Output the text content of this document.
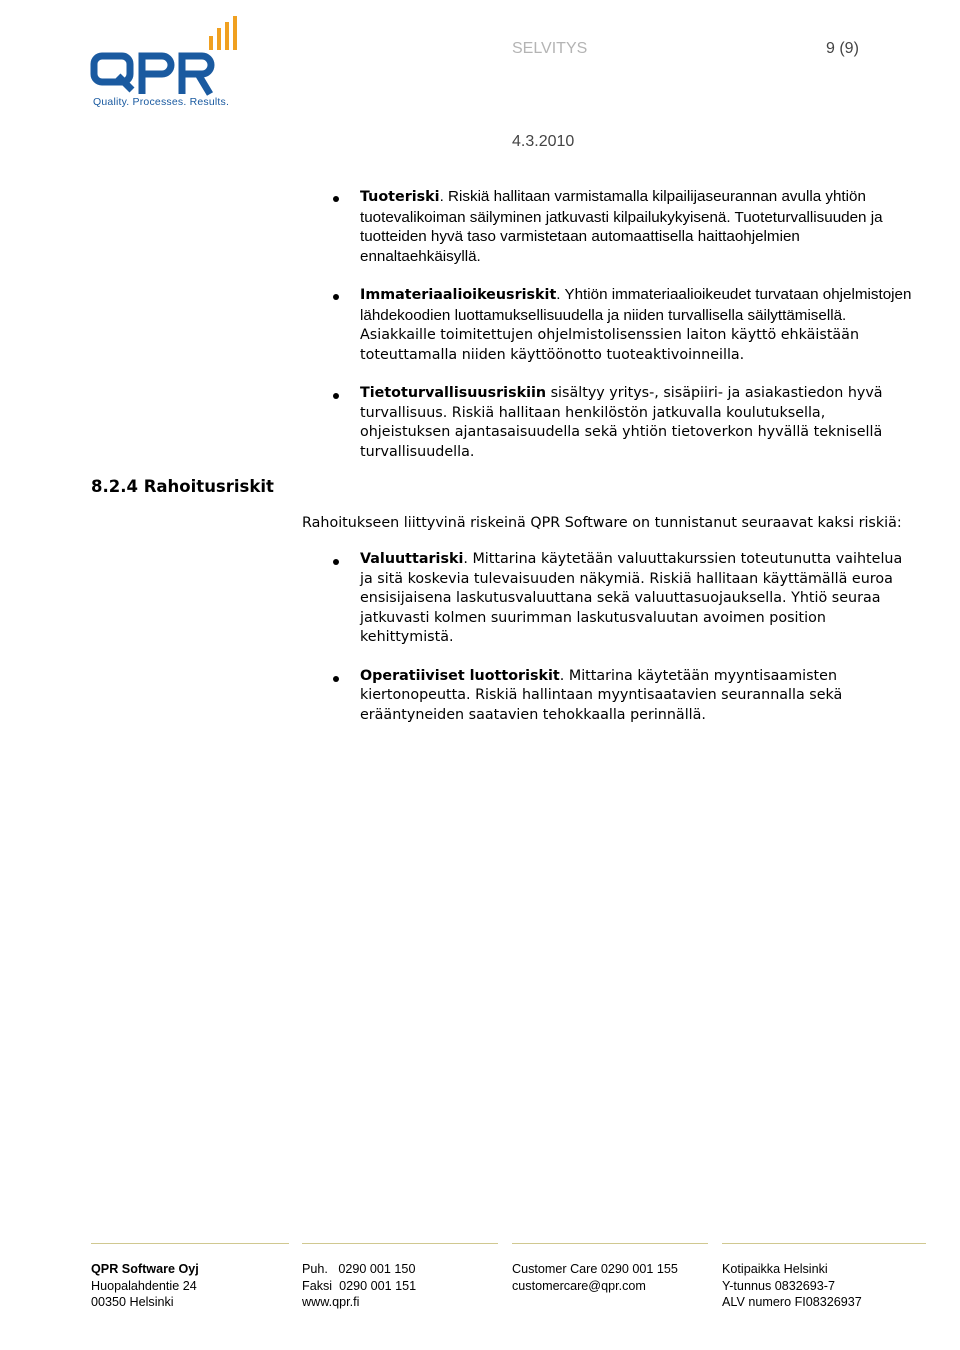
Quality. Processes. Results.
SELVITYS	9 (9)
4.3.2010
Tuoteriski. Riskiä hallitaan varmistamalla kilpailijaseurannan avulla yhtiön tuotevalikoiman säilyminen jatkuvasti kilpailukykyisenä. Tuoteturvallisuuden ja tuotteiden hyvä taso varmistetaan automaattisella haittaohjelmien ennaltaehkäisyllä.
Immateriaalioikeusriskit. Yhtiön immateriaalioikeudet turvataan ohjelmistojen lähdekoodien luottamuksellisuudella ja niiden turvallisella säilyttämisellä. Asiakkaille toimitettujen ohjelmistolisenssien laiton käyttö ehkäistään toteuttamalla niiden käyttöönotto tuoteaktivoinneilla.
Tietoturvallisuusriskiin sisältyy yritys-, sisäpiiri- ja asiakastiedon hyvä turvallisuus. Riskiä hallitaan henkilöstön jatkuvalla koulutuksella, ohjeistuksen ajantasaisuudella sekä yhtiön tietoverkon hyvällä teknisellä turvallisuudella.
8.2.4 Rahoitusriskit
Rahoitukseen liittyvinä riskeinä QPR Software on tunnistanut seuraavat kaksi riskiä:
Valuuttariski. Mittarina käytetään valuuttakurssien toteutunutta vaihtelua ja sitä koskevia tulevaisuuden näkymiä. Riskiä hallitaan käyttämällä euroa ensisijaisena laskutusvaluuttana sekä valuuttasuojauksella. Yhtiö seuraa jatkuvasti kolmen suurimman laskutusvaluutan avoimen position kehittymistä.
Operatiiviset luottoriskit. Mittarina käytetään myyntisaamisten kiertonopeutta. Riskiä hallintaan myyntisaatavien seurannalla sekä erääntyneiden saatavien tehokkaalla perinnällä.
QPR Software Oyj
Huopalahdentie 24
00350 Helsinki
Puh.   0290 001 150
Faksi  0290 001 151
www.qpr.fi
Customer Care 0290 001 155
customercare@qpr.com
Kotipaikka Helsinki
Y-tunnus 0832693-7
ALV numero FI08326937
